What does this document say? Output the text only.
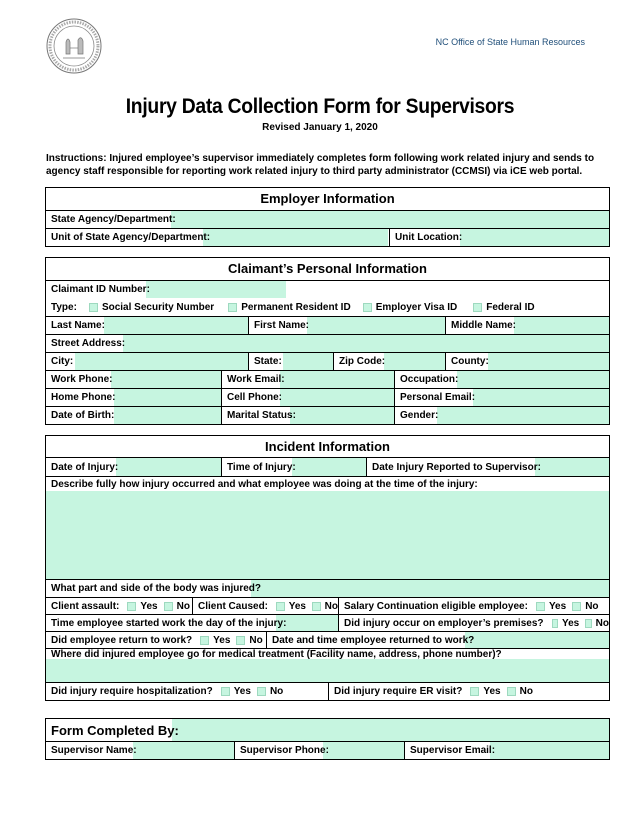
NC Office of State Human Resources
Injury Data Collection Form for Supervisors
Revised January 1, 2020
Instructions: Injured employee’s supervisor immediately completes form following work related injury and sends to agency staff responsible for reporting work related injury to third party administrator (CCMSI) via iCE web portal.
Employer Information
State Agency/Department:
Unit of State Agency/Department:	Unit Location:
Claimant’s Personal Information
Claimant ID Number:
Type:	Social Security Number	Permanent Resident ID	Employer Visa ID	Federal ID
Last Name:	First Name:	Middle Name:
Street Address:
City:	State:	Zip Code:	County:
Work Phone:	Work Email:	Occupation:
Home Phone:	Cell Phone:	Personal Email:
Date of Birth:	Marital Status:	Gender:
Incident Information
Date of Injury:	Time of Injury:	Date Injury Reported to Supervisor:
Describe fully how injury occurred and what employee was doing at the time of the injury:
What part and side of the body was injured?
Client assault: Yes No Client Caused: Yes No Salary Continuation eligible employee: Yes No
Time employee started work the day of the injury:	Did injury occur on employer’s premises? Yes No
Did employee return to work? Yes No Date and time employee returned to work?
Where did injured employee go for medical treatment (Facility name, address, phone number)?
Did injury require hospitalization? Yes No	Did injury require ER visit? Yes No
Form Completed By:
Supervisor Name:	Supervisor Phone:	Supervisor Email:
